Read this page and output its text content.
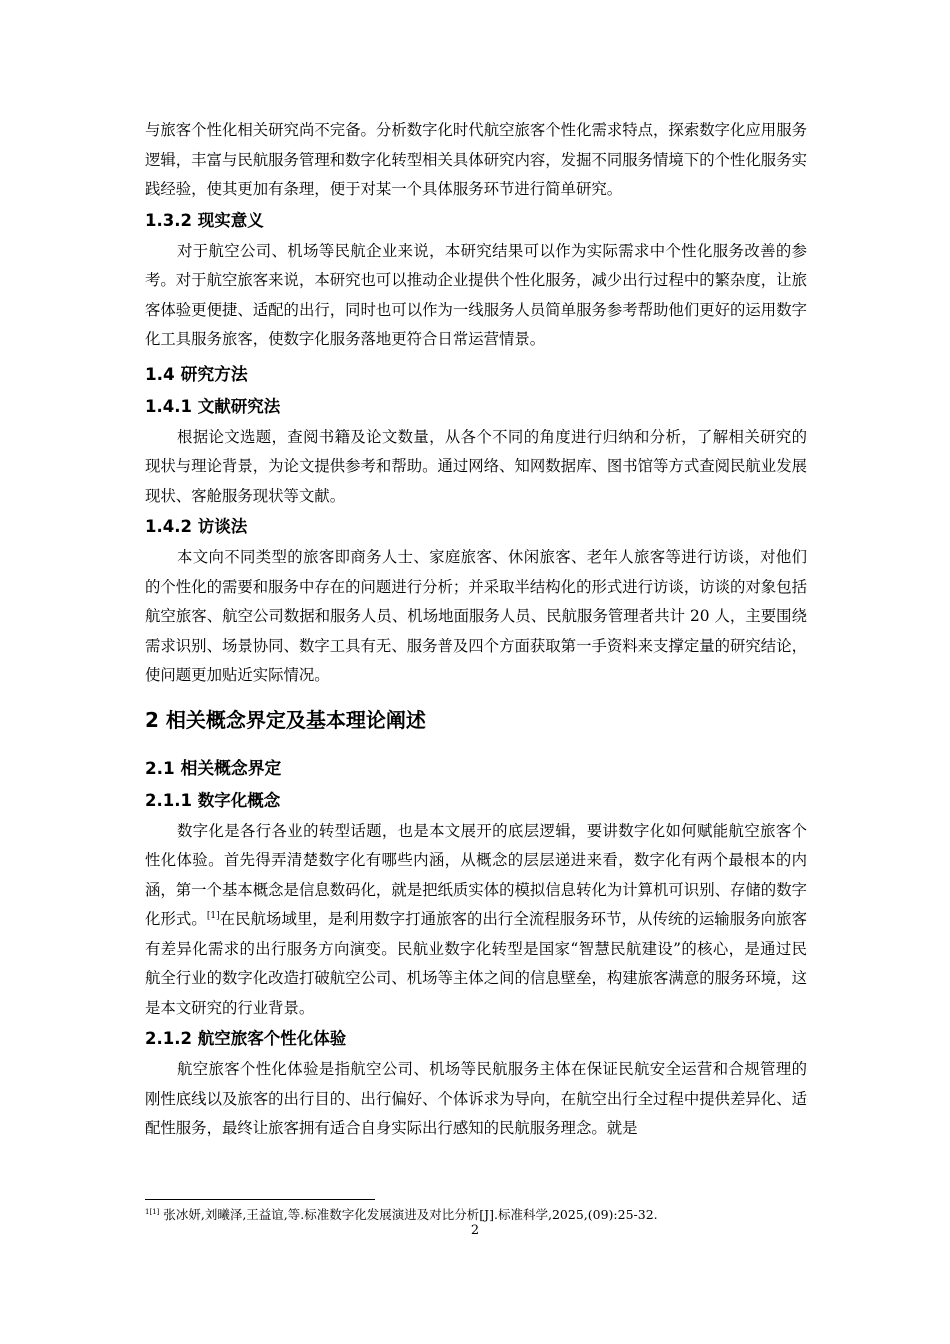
与旅客个性化相关研究尚不完备。分析数字化时代航空旅客个性化需求特点，探索数字化应用服务逻辑，丰富与民航服务管理和数字化转型相关具体研究内容，发掘不同服务情境下的个性化服务实践经验，使其更加有条理，便于对某一个具体服务环节进行简单研究。

1.3.2 现实意义

对于航空公司、机场等民航企业来说，本研究结果可以作为实际需求中个性化服务改善的参考。对于航空旅客来说，本研究也可以推动企业提供个性化服务，减少出行过程中的繁杂度，让旅客体验更便捷、适配的出行，同时也可以作为一线服务人员简单服务参考帮助他们更好的运用数字化工具服务旅客，使数字化服务落地更符合日常运营情景。

1.4 研究方法
1.4.1 文献研究法

根据论文选题，查阅书籍及论文数量，从各个不同的角度进行归纳和分析，了解相关研究的现状与理论背景，为论文提供参考和帮助。通过网络、知网数据库、图书馆等方式查阅民航业发展现状、客舱服务现状等文献。

1.4.2 访谈法

本文向不同类型的旅客即商务人士、家庭旅客、休闲旅客、老年人旅客等进行访谈，对他们的个性化的需要和服务中存在的问题进行分析；并采取半结构化的形式进行访谈，访谈的对象包括航空旅客、航空公司数据和服务人员、机场地面服务人员、民航服务管理者共计 20 人，主要围绕需求识别、场景协同、数字工具有无、服务普及四个方面获取第一手资料来支撑定量的研究结论，使问题更加贴近实际情况。

2 相关概念界定及基本理论阐述
2.1 相关概念界定
2.1.1 数字化概念

数字化是各行各业的转型话题，也是本文展开的底层逻辑，要讲数字化如何赋能航空旅客个性化体验。首先得弄清楚数字化有哪些内涵，从概念的层层递进来看，数字化有两个最根本的内涵，第一个基本概念是信息数码化，就是把纸质实体的模拟信息转化为计算机可识别、存储的数字化形式。[1]在民航场域里，是利用数字打通旅客的出行全流程服务环节，从传统的运输服务向旅客有差异化需求的出行服务方向演变。民航业数字化转型是国家“智慧民航建设”的核心，是通过民航全行业的数字化改造打破航空公司、机场等主体之间的信息壁垒，构建旅客满意的服务环境，这是本文研究的行业背景。

2.1.2 航空旅客个性化体验

航空旅客个性化体验是指航空公司、机场等民航服务主体在保证民航安全运营和合规管理的刚性底线以及旅客的出行目的、出行偏好、个体诉求为导向，在航空出行全过程中提供差异化、适配性服务，最终让旅客拥有适合自身实际出行感知的民航服务理念。就是

$^{1[1]}$ 张冰妍,刘曦泽,王益谊,等.标准数字化发展演进及对比分析[J].标准科学,2025,(09):25-32.
2
